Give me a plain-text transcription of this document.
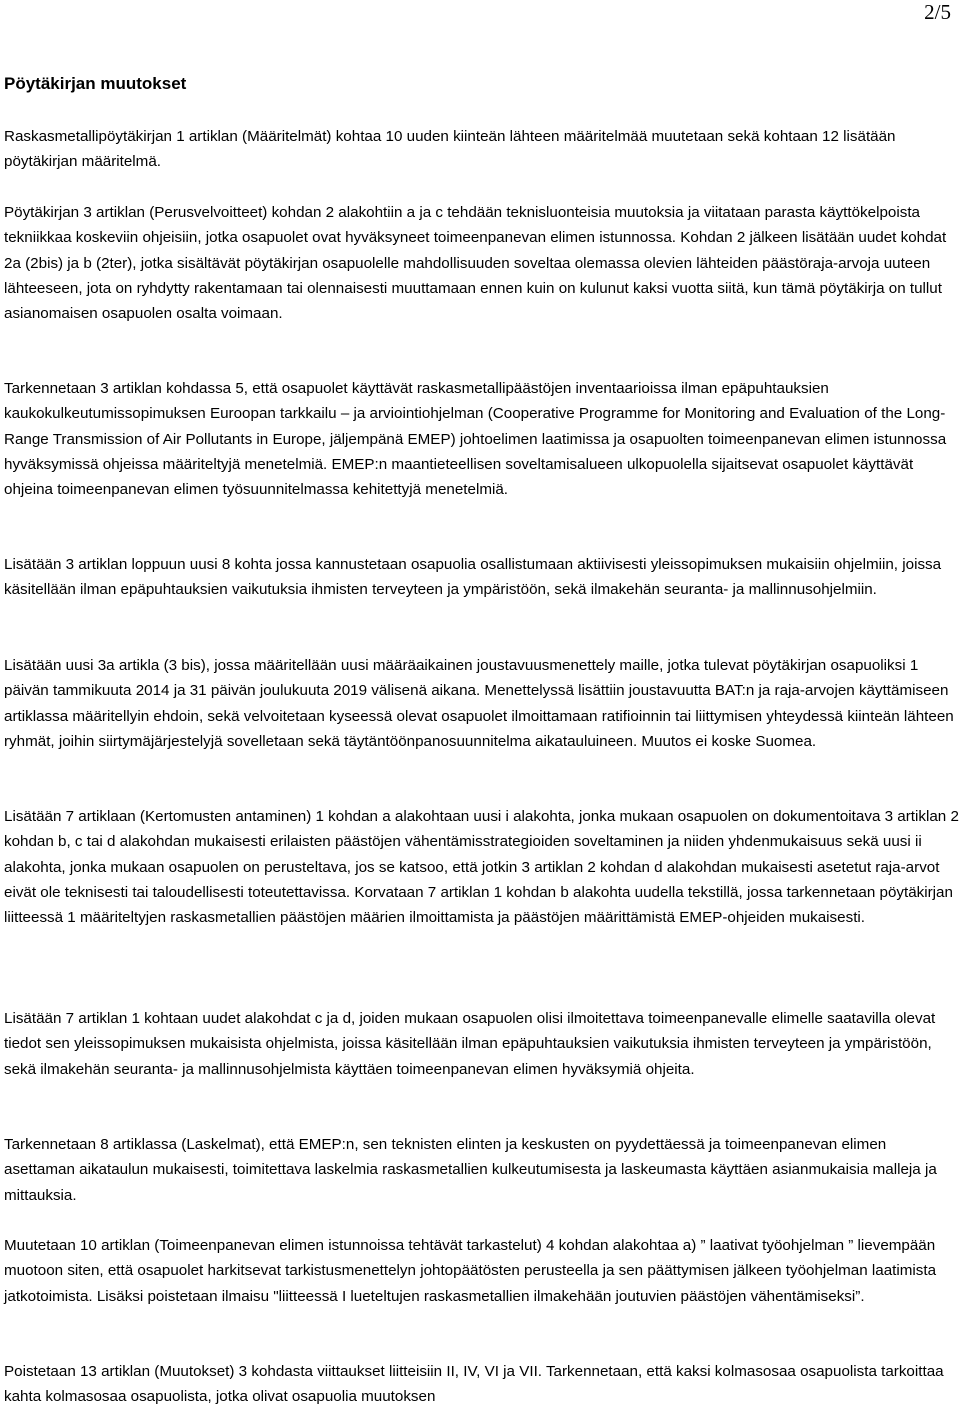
2/5
Pöytäkirjan muutokset

Raskasmetallipöytäkirjan 1 artiklan (Määritelmät) kohtaa 10 uuden kiinteän lähteen määritelmää muutetaan sekä kohtaan 12 lisätään pöytäkirjan määritelmä.

Pöytäkirjan 3 artiklan (Perusvelvoitteet) kohdan 2 alakohtiin a ja c tehdään teknisluonteisia muutoksia ja viitataan parasta käyttökelpoista tekniikkaa koskeviin ohjeisiin, jotka osapuolet ovat hyväksyneet toimeenpanevan elimen istunnossa. Kohdan 2 jälkeen lisätään uudet kohdat 2a (2bis) ja b (2ter), jotka sisältävät pöytäkirjan osapuolelle mahdollisuuden soveltaa olemassa olevien lähteiden päästöraja-arvoja uuteen lähteeseen, jota on ryhdytty rakentamaan tai olennaisesti muuttamaan ennen kuin on kulunut kaksi vuotta siitä, kun tämä pöytäkirja on tullut asianomaisen osapuolen osalta voimaan.

Tarkennetaan 3 artiklan kohdassa 5, että osapuolet käyttävät raskasmetallipäästöjen inventaarioissa ilman epäpuhtauksien kaukokulkeutumissopimuksen Euroopan tarkkailu – ja arviointiohjelman (Cooperative Programme for Monitoring and Evaluation of the Long-Range Transmission of Air Pollutants in Europe, jäljempänä EMEP) johtoelimen laatimissa ja osapuolten toimeenpanevan elimen istunnossa hyväksymissä ohjeissa määriteltyjä menetelmiä. EMEP:n maantieteellisen soveltamisalueen ulkopuolella sijaitsevat osapuolet käyttävät ohjeina toimeenpanevan elimen työsuunnitelmassa kehitettyjä menetelmiä.

Lisätään 3 artiklan loppuun uusi 8 kohta jossa kannustetaan osapuolia osallistumaan aktiivisesti yleissopimuksen mukaisiin ohjelmiin, joissa käsitellään ilman epäpuhtauksien vaikutuksia ihmisten terveyteen ja ympäristöön, sekä ilmakehän seuranta- ja mallinnusohjelmiin.

Lisätään uusi 3a artikla (3 bis), jossa määritellään uusi määräaikainen joustavuusmenettely maille, jotka tulevat pöytäkirjan osapuoliksi 1 päivän tammikuuta 2014 ja 31 päivän joulukuuta 2019 välisenä aikana. Menettelyssä lisättiin joustavuutta BAT:n ja raja-arvojen käyttämiseen artiklassa määritellyin ehdoin, sekä velvoitetaan kyseessä olevat osapuolet ilmoittamaan ratifioinnin tai liittymisen yhteydessä kiinteän lähteen ryhmät, joihin siirtymäjärjestelyjä sovelletaan sekä täytäntöönpanosuunnitelma aikatauluineen. Muutos ei koske Suomea.

Lisätään 7 artiklaan (Kertomusten antaminen) 1 kohdan a alakohtaan uusi i alakohta, jonka mukaan osapuolen on dokumentoitava 3 artiklan 2 kohdan b, c tai d alakohdan mukaisesti erilaisten päästöjen vähentämisstrategioiden soveltaminen ja niiden yhdenmukaisuus sekä uusi ii alakohta, jonka mukaan osapuolen on perusteltava, jos se katsoo, että jotkin 3 artiklan 2 kohdan d alakohdan mukaisesti asetetut raja-arvot eivät ole teknisesti tai taloudellisesti toteutettavissa. Korvataan 7 artiklan 1 kohdan b alakohta uudella tekstillä, jossa tarkennetaan pöytäkirjan liitteessä 1 määriteltyjen raskasmetallien päästöjen määrien ilmoittamista ja päästöjen määrittämistä EMEP-ohjeiden mukaisesti.

Lisätään 7 artiklan 1 kohtaan uudet alakohdat c ja d, joiden mukaan osapuolen olisi ilmoitettava toimeenpanevalle elimelle saatavilla olevat tiedot sen yleissopimuksen mukaisista ohjelmista, joissa käsitellään ilman epäpuhtauksien vaikutuksia ihmisten terveyteen ja ympäristöön, sekä ilmakehän seuranta- ja mallinnusohjelmista käyttäen toimeenpanevan elimen hyväksymiä ohjeita.

Tarkennetaan 8 artiklassa (Laskelmat), että EMEP:n, sen teknisten elinten ja keskusten on pyydettäessä ja toimeenpanevan elimen asettaman aikataulun mukaisesti, toimitettava laskelmia raskasmetallien kulkeutumisesta ja laskeumasta käyttäen asianmukaisia malleja ja mittauksia.

Muutetaan 10 artiklan (Toimeenpanevan elimen istunnoissa tehtävät tarkastelut) 4 kohdan alakohtaa a) ” laativat työohjelman ” lievempään muotoon siten, että osapuolet harkitsevat tarkistusmenettelyn johtopäätösten perusteella ja sen päättymisen jälkeen työohjelman laatimista jatkotoimista. Lisäksi poistetaan ilmaisu "liitteessä I lueteltujen raskasmetallien ilmakehään joutuvien päästöjen vähentämiseksi”.

Poistetaan 13 artiklan (Muutokset) 3 kohdasta viittaukset liitteisiin II, IV, VI ja VII. Tarkennetaan, että kaksi kolmasosaa osapuolista tarkoittaa kahta kolmasosaa osapuolista, jotka olivat osapuolia muutoksen
